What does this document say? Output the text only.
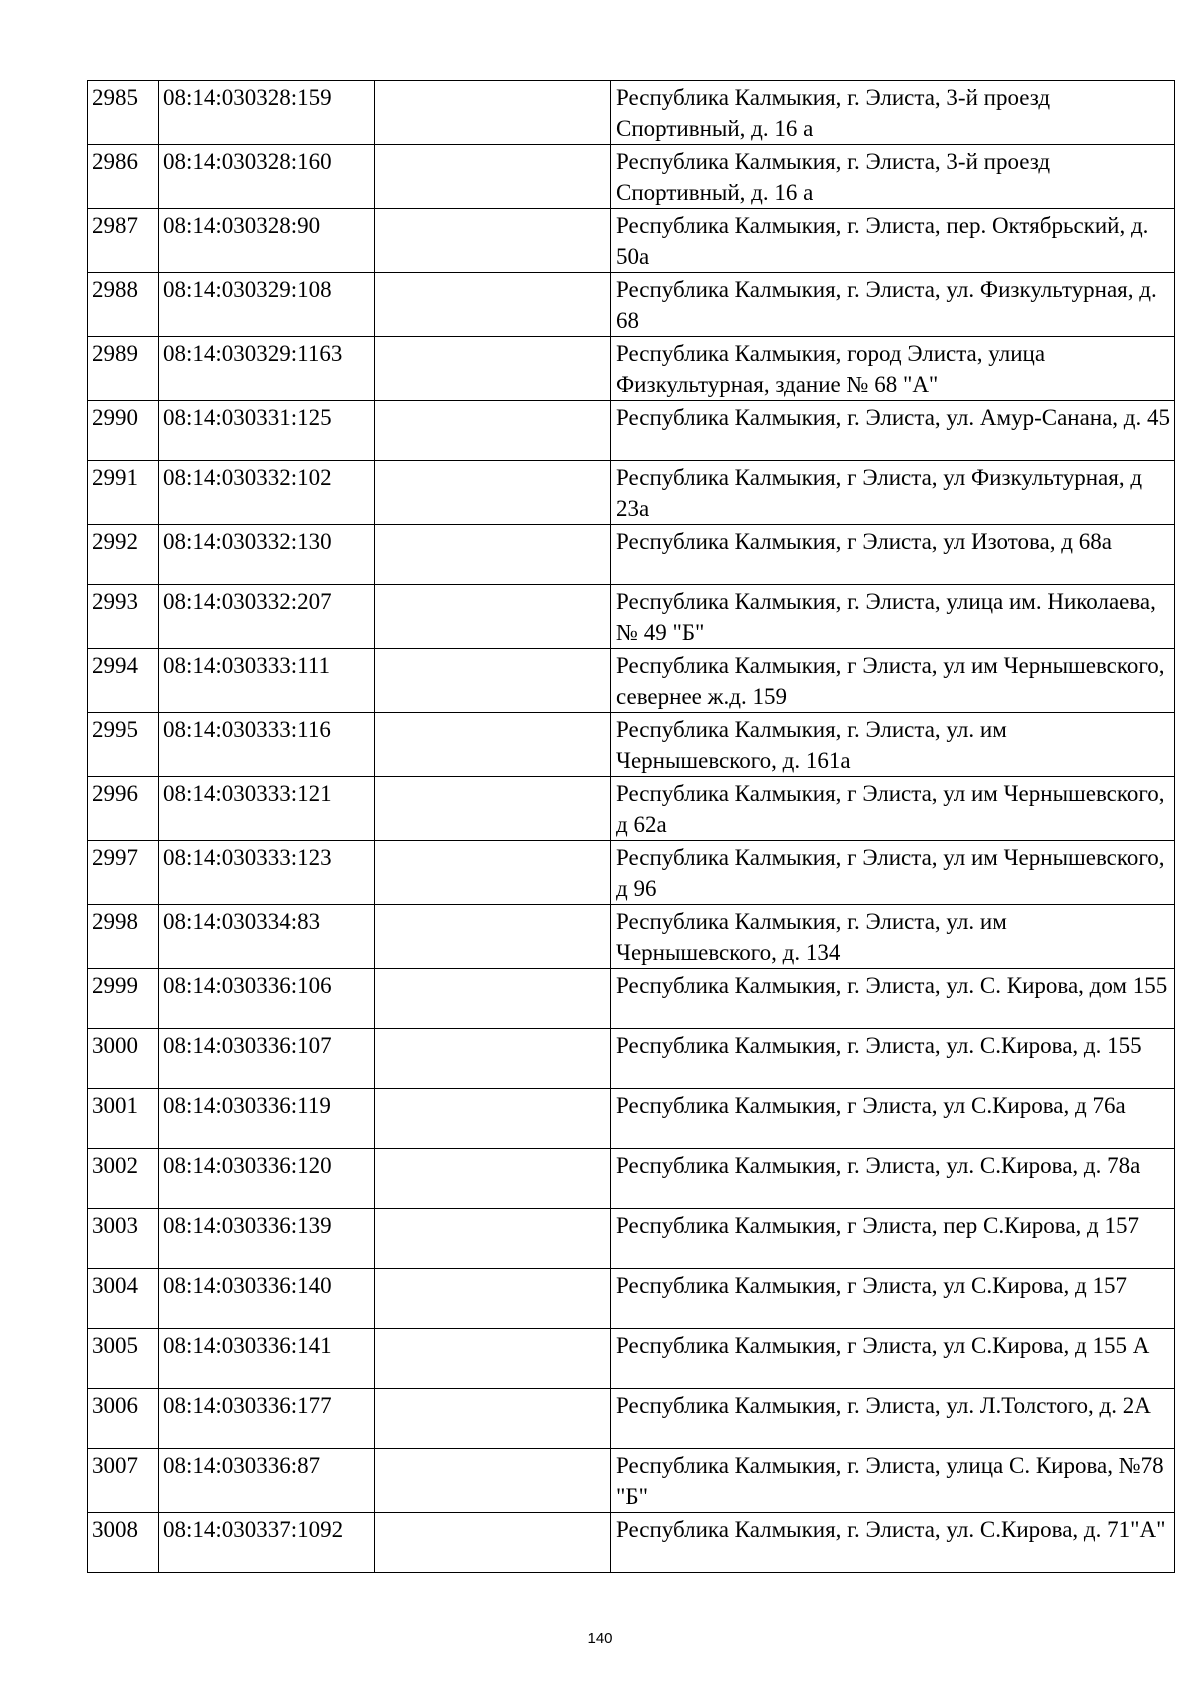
2985	08:14:030328:159		Республика Калмыкия, г. Элиста, 3-й проезд Спортивный, д. 16 а
2986	08:14:030328:160		Республика Калмыкия, г. Элиста, 3-й проезд Спортивный, д. 16 а
2987	08:14:030328:90		Республика Калмыкия, г. Элиста, пер. Октябрьский, д. 50а
2988	08:14:030329:108		Республика Калмыкия, г. Элиста, ул. Физкультурная, д. 68
2989	08:14:030329:1163		Республика Калмыкия, город Элиста, улица Физкультурная, здание № 68 "А"
2990	08:14:030331:125		Республика Калмыкия, г. Элиста, ул. Амур-Санана, д. 45
2991	08:14:030332:102		Республика Калмыкия, г Элиста, ул Физкультурная, д 23а
2992	08:14:030332:130		Республика Калмыкия, г Элиста, ул Изотова, д 68а
2993	08:14:030332:207		Республика Калмыкия, г. Элиста, улица им. Николаева, № 49 "Б"
2994	08:14:030333:111		Республика Калмыкия, г Элиста, ул им Чернышевского, севернее ж.д. 159
2995	08:14:030333:116		Республика Калмыкия, г. Элиста, ул. им Чернышевского, д. 161а
2996	08:14:030333:121		Республика Калмыкия, г Элиста, ул им Чернышевского, д 62а
2997	08:14:030333:123		Республика Калмыкия, г Элиста, ул им Чернышевского, д 96
2998	08:14:030334:83		Республика Калмыкия, г. Элиста, ул. им Чернышевского, д. 134
2999	08:14:030336:106		Республика Калмыкия, г. Элиста, ул. С. Кирова, дом 155
3000	08:14:030336:107		Республика Калмыкия, г. Элиста, ул. С.Кирова, д. 155
3001	08:14:030336:119		Республика Калмыкия, г Элиста, ул С.Кирова, д 76а
3002	08:14:030336:120		Республика Калмыкия, г. Элиста, ул. С.Кирова, д. 78а
3003	08:14:030336:139		Республика Калмыкия, г Элиста, пер С.Кирова, д 157
3004	08:14:030336:140		Республика Калмыкия, г Элиста, ул С.Кирова, д 157
3005	08:14:030336:141		Республика Калмыкия, г Элиста, ул С.Кирова, д 155 А
3006	08:14:030336:177		Республика Калмыкия, г. Элиста, ул. Л.Толстого, д. 2А
3007	08:14:030336:87		Республика Калмыкия, г. Элиста, улица С. Кирова, №78 "Б"
3008	08:14:030337:1092		Республика Калмыкия, г. Элиста, ул. С.Кирова, д. 71"А"
140
